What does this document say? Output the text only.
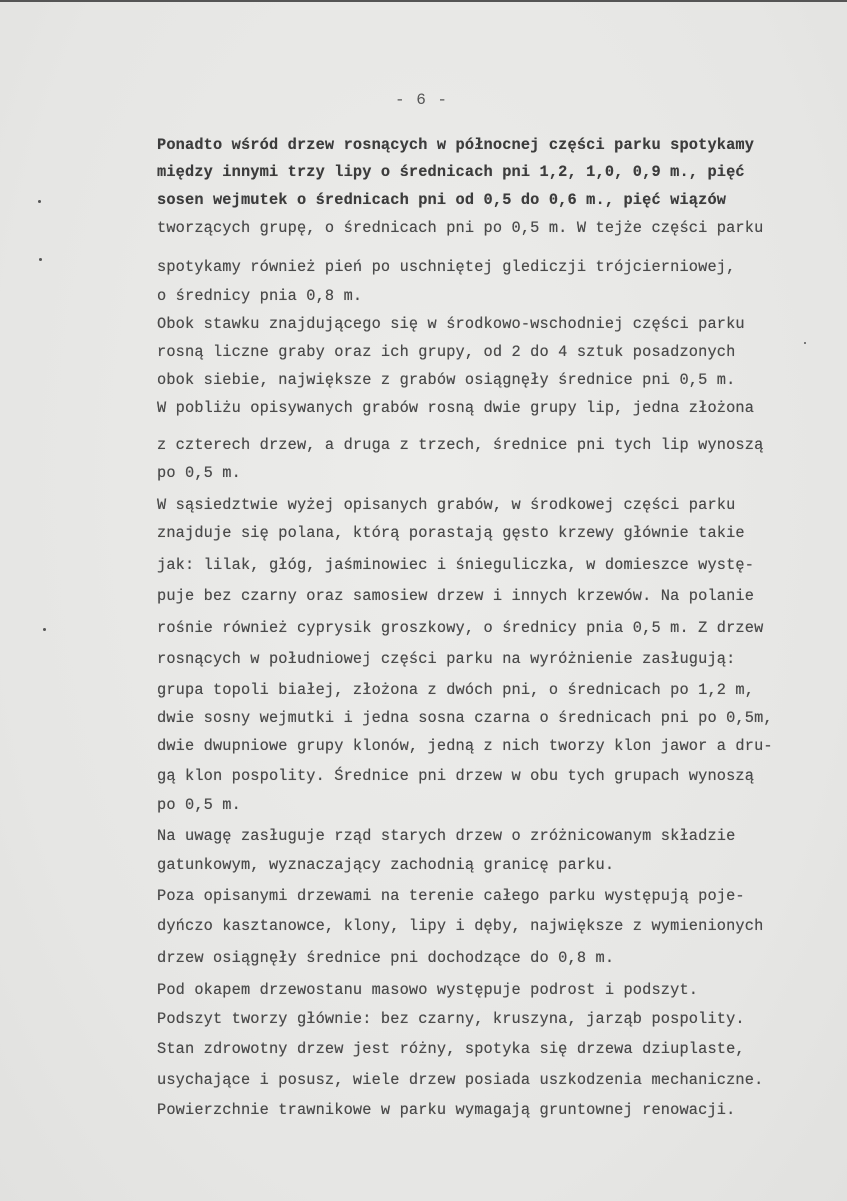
- 6 -
Ponadto wśród drzew rosnących w północnej części parku spotykamy
między innymi trzy lipy o średnicach pni 1,2, 1,0, 0,9 m., pięć
sosen wejmutek o średnicach pni od 0,5 do 0,6 m., pięć wiązów
tworzących grupę, o średnicach pni po 0,5 m. W tejże części parku
spotykamy również pień po uschniętej glediczji trójcierniowej,
o średnicy pnia 0,8 m.
Obok stawku znajdującego się w środkowo-wschodniej części parku
rosną liczne graby oraz ich grupy, od 2 do 4 sztuk posadzonych
obok siebie, największe z grabów osiągnęły średnice pni 0,5 m.
W pobliżu opisywanych grabów rosną dwie grupy lip, jedna złożona
z czterech drzew, a druga z trzech, średnice pni tych lip wynoszą
po 0,5 m.
W sąsiedztwie wyżej opisanych grabów, w środkowej części parku
znajduje się polana, którą porastają gęsto krzewy głównie takie
jak: lilak, głóg, jaśminowiec i śnieguliczka, w domieszce wystę-
puje bez czarny oraz samosiew drzew i innych krzewów. Na polanie
rośnie również cyprysik groszkowy, o średnicy pnia 0,5 m. Z drzew
rosnących w południowej części parku na wyróżnienie zasługują:
grupa topoli białej, złożona z dwóch pni, o średnicach po 1,2 m,
dwie sosny wejmutki i jedna sosna czarna o średnicach pni po 0,5m,
dwie dwupniowe grupy klonów, jedną z nich tworzy klon jawor a dru-
gą klon pospolity. Średnice pni drzew w obu tych grupach wynoszą
po 0,5 m.
Na uwagę zasługuje rząd starych drzew o zróżnicowanym składzie
gatunkowym, wyznaczający zachodnią granicę parku.
Poza opisanymi drzewami na terenie całego parku występują poje-
dyńczo kasztanowce, klony, lipy i dęby, największe z wymienionych
drzew osiągnęły średnice pni dochodzące do 0,8 m.
Pod okapem drzewostanu masowo występuje podrost i podszyt.
Podszyt tworzy głównie: bez czarny, kruszyna, jarząb pospolity.
Stan zdrowotny drzew jest różny, spotyka się drzewa dziuplaste,
usychające i posusz, wiele drzew posiada uszkodzenia mechaniczne.
Powierzchnie trawnikowe w parku wymagają gruntownej renowacji.
